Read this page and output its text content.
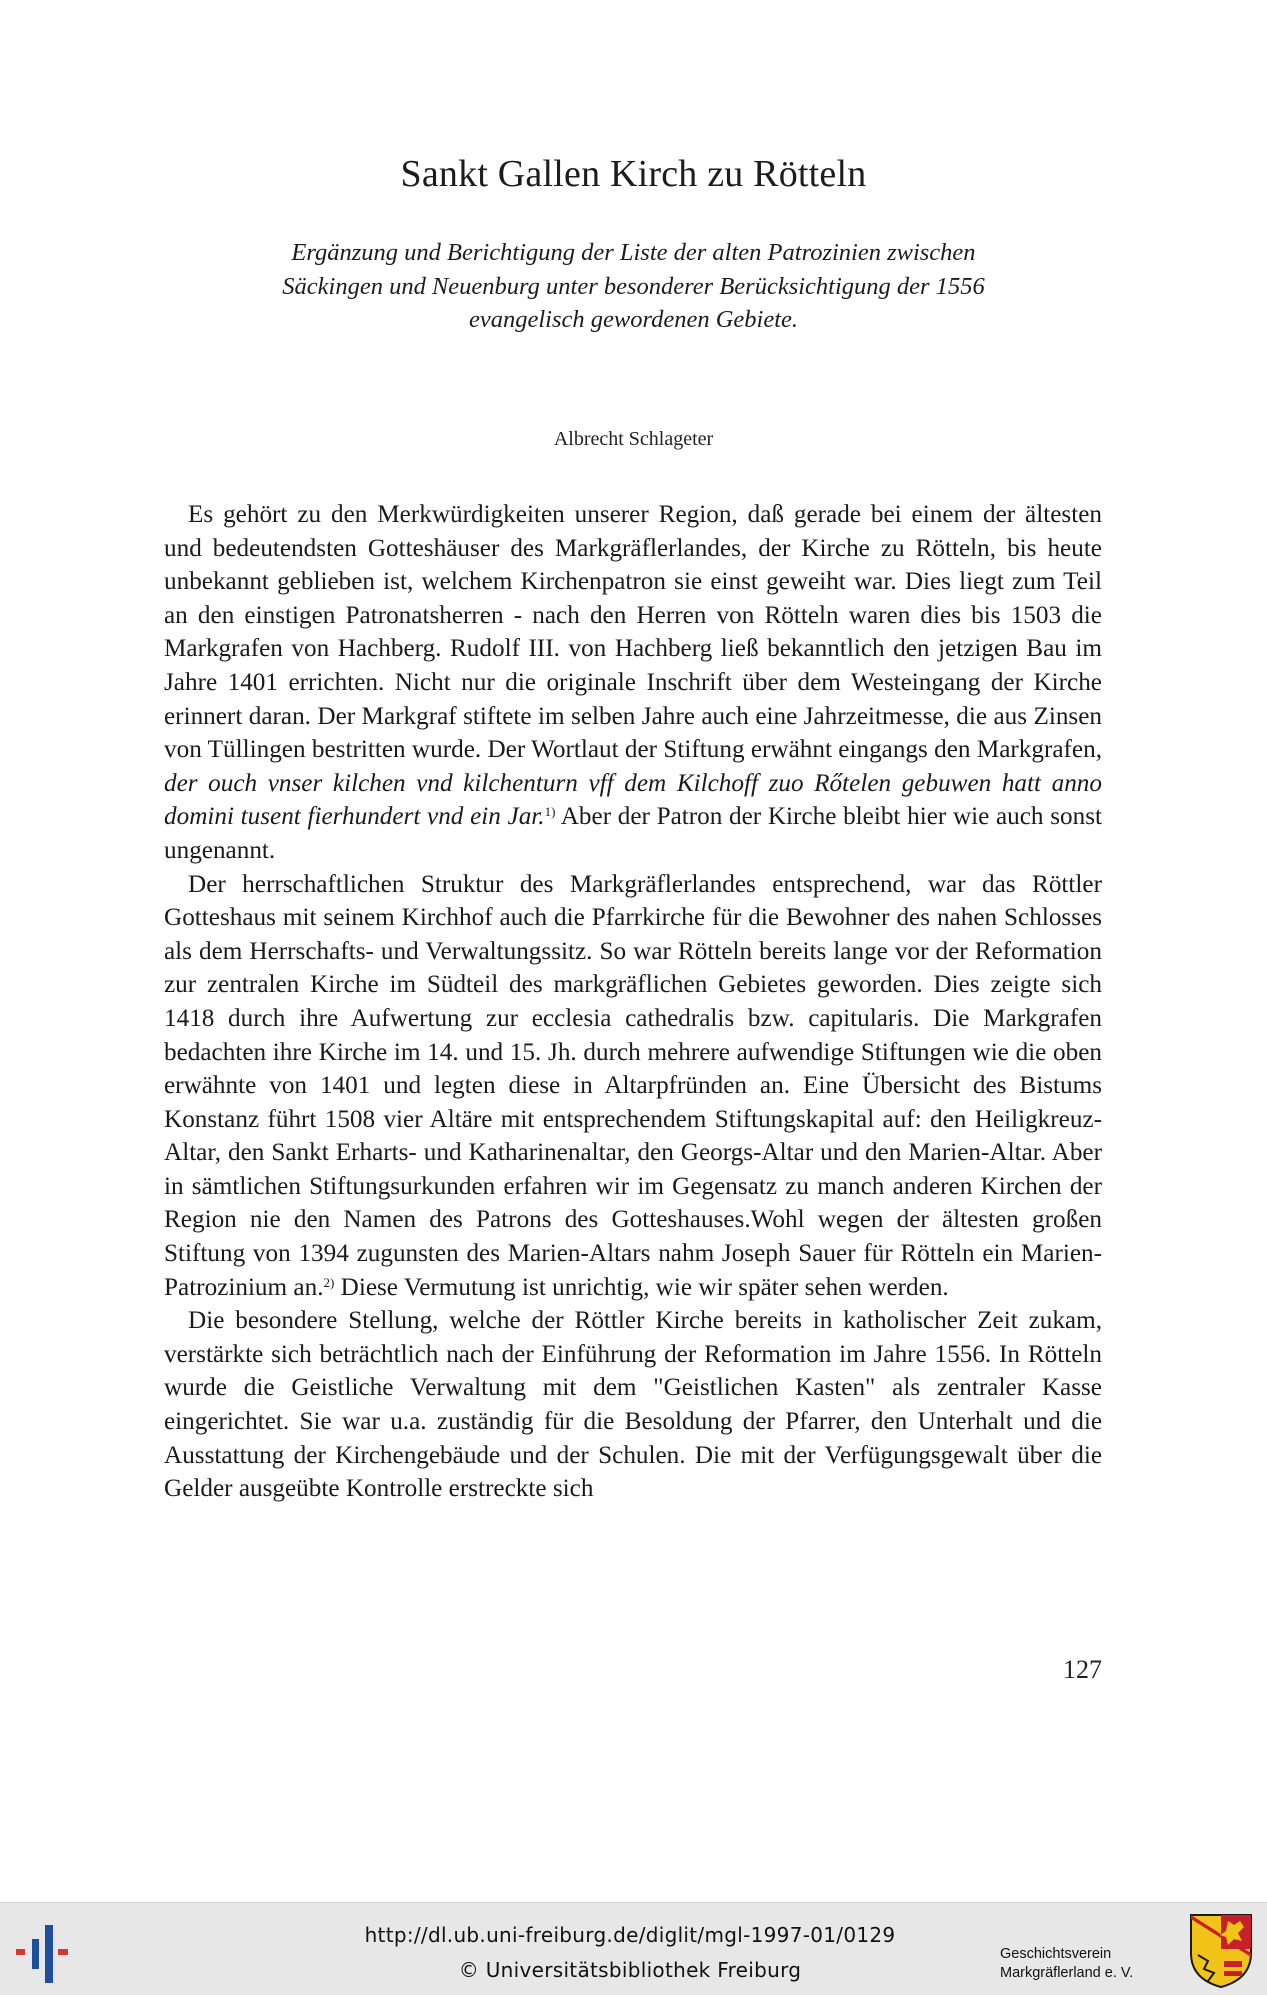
Sankt Gallen Kirch zu Rötteln
Ergänzung und Berichtigung der Liste der alten Patrozinien zwischen
Säckingen und Neuenburg unter besonderer Berücksichtigung der 1556
evangelisch gewordenen Gebiete.
Albrecht Schlageter

Es gehört zu den Merkwürdigkeiten unserer Region, daß gerade bei einem der ältesten und bedeutendsten Gotteshäuser des Markgräflerlandes, der Kirche zu Rötteln, bis heute unbekannt geblieben ist, welchem Kirchenpatron sie einst geweiht war. Dies liegt zum Teil an den einstigen Patronatsherren - nach den Herren von Rötteln waren dies bis 1503 die Markgrafen von Hachberg. Rudolf III. von Hachberg ließ bekanntlich den jetzigen Bau im Jahre 1401 errichten. Nicht nur die originale Inschrift über dem Westeingang der Kirche erinnert daran. Der Markgraf stiftete im selben Jahre auch eine Jahrzeitmesse, die aus Zinsen von Tüllingen bestritten wurde. Der Wortlaut der Stiftung erwähnt eingangs den Markgrafen, der ouch vnser kilchen vnd kilchenturn vff dem Kilchoff zuo Rőtelen gebuwen hatt anno domini tusent fierhundert vnd ein Jar.$^{1)}$ Aber der Patron der Kirche bleibt hier wie auch sonst ungenannt.

Der herrschaftlichen Struktur des Markgräflerlandes entsprechend, war das Röttler Gotteshaus mit seinem Kirchhof auch die Pfarrkirche für die Bewohner des nahen Schlosses als dem Herrschafts- und Verwaltungssitz. So war Rötteln bereits lange vor der Reformation zur zentralen Kirche im Südteil des markgräflichen Gebietes geworden. Dies zeigte sich 1418 durch ihre Aufwertung zur ecclesia cathedralis bzw. capitularis. Die Markgrafen bedachten ihre Kirche im 14. und 15. Jh. durch mehrere aufwendige Stiftungen wie die oben erwähnte von 1401 und legten diese in Altarpfründen an. Eine Übersicht des Bistums Konstanz führt 1508 vier Altäre mit entsprechendem Stiftungskapital auf: den Heiligkreuz-Altar, den Sankt Erharts- und Katharinenaltar, den Georgs-Altar und den Marien-Altar. Aber in sämtlichen Stiftungsurkunden erfahren wir im Gegensatz zu manch anderen Kirchen der Region nie den Namen des Patrons des Gotteshauses.Wohl wegen der ältesten großen Stiftung von 1394 zugunsten des Marien-Altars nahm Joseph Sauer für Rötteln ein Marien-Patrozinium an.$^{2)}$ Diese Vermutung ist unrichtig, wie wir später sehen werden.

Die besondere Stellung, welche der Röttler Kirche bereits in katholischer Zeit zukam, verstärkte sich beträchtlich nach der Einführung der Reformation im Jahre 1556. In Rötteln wurde die Geistliche Verwaltung mit dem "Geistlichen Kasten" als zentraler Kasse eingerichtet. Sie war u.a. zuständig für die Besoldung der Pfarrer, den Unterhalt und die Ausstattung der Kirchengebäude und der Schulen. Die mit der Verfügungsgewalt über die Gelder ausgeübte Kontrolle erstreckte sich

127
http://dl.ub.uni-freiburg.de/diglit/mgl-1997-01/0129
© Universitätsbibliothek Freiburg
Geschichtsverein
Markgräflerland e. V.
